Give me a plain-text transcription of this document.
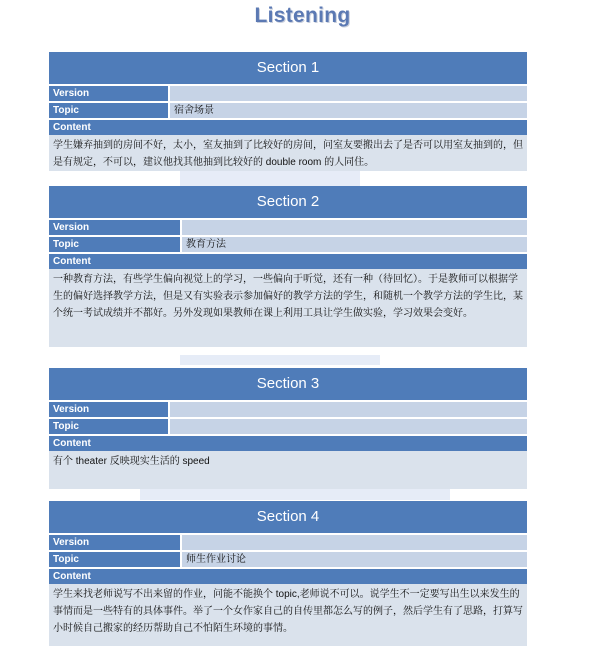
Listening
Section 1
Version
Topic	宿舍场景
Content
学生嫌弃抽到的房间不好，太小，室友抽到了比较好的房间，问室友要搬出去了是否可以用室友抽到的，但是有规定，不可以，建议他找其他抽到比较好的 double room 的人同住。
Section 2
Version
Topic	教育方法
Content
一种教育方法，有些学生偏向视觉上的学习，一些偏向于听觉，还有一种（待回忆）。于是教师可以根据学生的偏好选择教学方法，但是又有实验表示参加偏好的教学方法的学生，和随机一个教学方法的学生比，某个统一考试成绩并不都好。另外发现如果教师在课上利用工具让学生做实验，学习效果会变好。
Section 3
Version
Topic
Content
有个 theater 反映现实生活的 speed
Section 4
Version
Topic	师生作业讨论
Content
学生来找老师说写不出来留的作业，问能不能换个 topic,老师说不可以。说学生不一定要写出生以来发生的事情而是一些特有的具体事件。举了一个女作家自己的自传里都怎么写的例子，然后学生有了思路，打算写小时候自己搬家的经历帮助自己不怕陌生环境的事情。
